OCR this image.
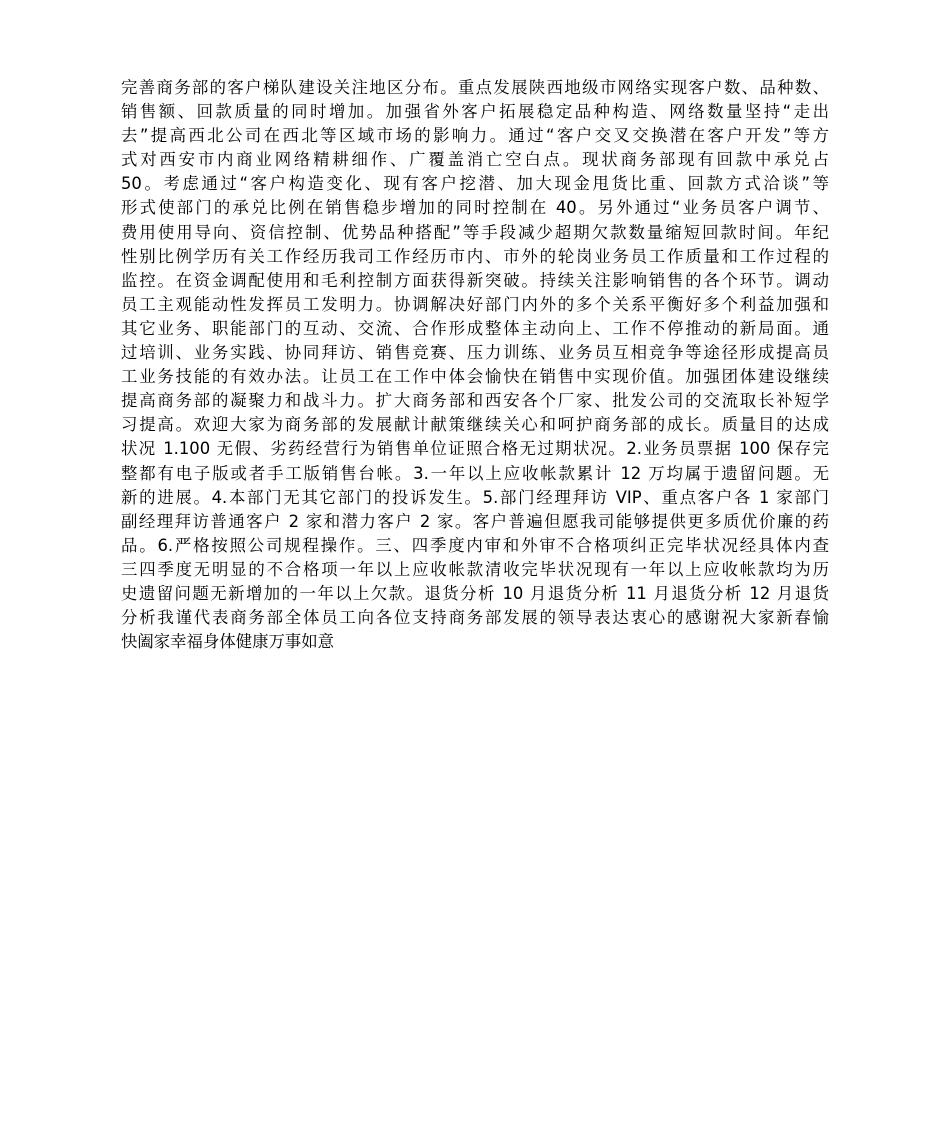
完善商务部的客户梯队建设关注地区分布。重点发展陕西地级市网络实现客户数、品种数、
销售额、回款质量的同时增加。加强省外客户拓展稳定品种构造、网络数量坚持“走出
去”提高西北公司在西北等区域市场的影响力。通过“客户交叉交换潜在客户开发”等方
式对西安市内商业网络精耕细作、广覆盖消亡空白点。现状商务部现有回款中承兑占
50。考虑通过“客户构造变化、现有客户挖潜、加大现金甩货比重、回款方式洽谈”等
形式使部门的承兑比例在销售稳步增加的同时控制在 40。另外通过“业务员客户调节、
费用使用导向、资信控制、优势品种搭配”等手段减少超期欠款数量缩短回款时间。年纪
性别比例学历有关工作经历我司工作经历市内、市外的轮岗业务员工作质量和工作过程的
监控。在资金调配使用和毛利控制方面获得新突破。持续关注影响销售的各个环节。调动
员工主观能动性发挥员工发明力。协调解决好部门内外的多个关系平衡好多个利益加强和
其它业务、职能部门的互动、交流、合作形成整体主动向上、工作不停推动的新局面。通
过培训、业务实践、协同拜访、销售竞赛、压力训练、业务员互相竞争等途径形成提高员
工业务技能的有效办法。让员工在工作中体会愉快在销售中实现价值。加强团体建设继续
提高商务部的凝聚力和战斗力。扩大商务部和西安各个厂家、批发公司的交流取长补短学
习提高。欢迎大家为商务部的发展献计献策继续关心和呵护商务部的成长。质量目的达成
状况 1.100 无假、劣药经营行为销售单位证照合格无过期状况。2.业务员票据 100 保存完
整都有电子版或者手工版销售台帐。3.一年以上应收帐款累计 12 万均属于遗留问题。无
新的进展。4.本部门无其它部门的投诉发生。5.部门经理拜访 VIP、重点客户各 1 家部门
副经理拜访普通客户 2 家和潜力客户 2 家。客户普遍但愿我司能够提供更多质优价廉的药
品。6.严格按照公司规程操作。三、四季度内审和外审不合格项纠正完毕状况经具体内查
三四季度无明显的不合格项一年以上应收帐款清收完毕状况现有一年以上应收帐款均为历
史遗留问题无新增加的一年以上欠款。退货分析 10 月退货分析 11 月退货分析 12 月退货
分析我谨代表商务部全体员工向各位支持商务部发展的领导表达衷心的感谢祝大家新春愉
快阖家幸福身体健康万事如意
